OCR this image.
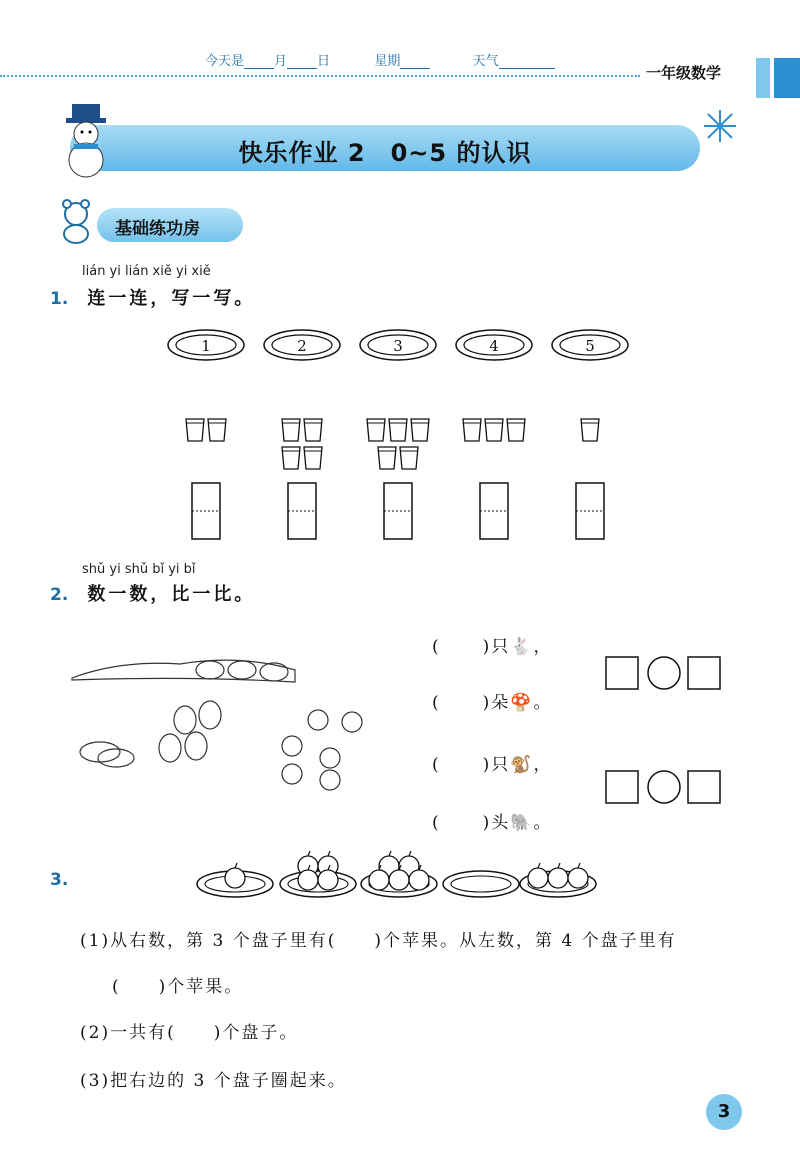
今天是 月 日	星期	天气
一年级数学
快乐作业 2　0~5 的认识
基础练功房
lián yi lián xiě yi xiě
1. 连一连，写一写。
1	2	3	4	5
shǔ yi shǔ bǐ yi bǐ
2. 数一数，比一比。
( )只🐇，
( )朵🍄。
( )只🐒，
( )头🐘。
3.
(1)从右数，第 3 个盘子里有(　　)个苹果。从左数，第 4 个盘子里有
(　　)个苹果。
(2)一共有(　　)个盘子。
(3)把右边的 3 个盘子圈起来。
3
